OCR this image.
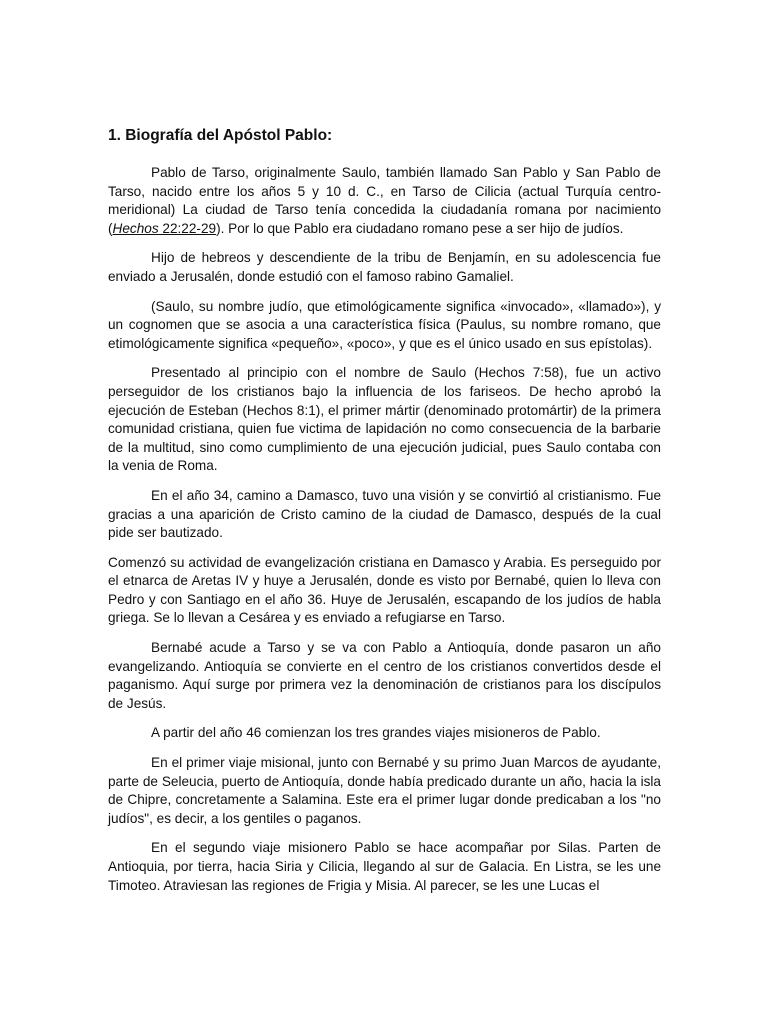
1. Biografía del Apóstol Pablo:

Pablo de Tarso, originalmente Saulo, también llamado San Pablo y San Pablo de Tarso, nacido entre los años 5 y 10 d. C., en Tarso de Cilicia (actual Turquía centro-meridional) La ciudad de Tarso tenía concedida la ciudadanía romana por nacimiento (Hechos 22:22-29). Por lo que Pablo era ciudadano romano pese a ser hijo de judíos.

Hijo de hebreos y descendiente de la tribu de Benjamín, en su adolescencia fue enviado a Jerusalén, donde estudió con el famoso rabino Gamaliel.

(Saulo, su nombre judío, que etimológicamente significa «invocado», «llamado»), y un cognomen que se asocia a una característica física (Paulus, su nombre romano, que etimológicamente significa «pequeño», «poco», y que es el único usado en sus epístolas).

Presentado al principio con el nombre de Saulo (Hechos 7:58), fue un activo perseguidor de los cristianos bajo la influencia de los fariseos. De hecho aprobó la ejecución de Esteban (Hechos 8:1), el primer mártir (denominado protomártir) de la primera comunidad cristiana, quien fue victima de lapidación no como consecuencia de la barbarie de la multitud, sino como cumplimiento de una ejecución judicial, pues Saulo contaba con la venia de Roma.

En el año 34, camino a Damasco, tuvo una visión y se convirtió al cristianismo. Fue gracias a una aparición de Cristo camino de la ciudad de Damasco, después de la cual pide ser bautizado.

Comenzó su actividad de evangelización cristiana en Damasco y Arabia. Es perseguido por el etnarca de Aretas IV y huye a Jerusalén, donde es visto por Bernabé, quien lo lleva con Pedro y con Santiago en el año 36. Huye de Jerusalén, escapando de los judíos de habla griega. Se lo llevan a Cesárea y es enviado a refugiarse en Tarso.

Bernabé acude a Tarso y se va con Pablo a Antioquía, donde pasaron un año evangelizando. Antioquía se convierte en el centro de los cristianos convertidos desde el paganismo. Aquí surge por primera vez la denominación de cristianos para los discípulos de Jesús.

A partir del año 46 comienzan los tres grandes viajes misioneros de Pablo.

En el primer viaje misional, junto con Bernabé y su primo Juan Marcos de ayudante, parte de Seleucia, puerto de Antioquía, donde había predicado durante un año, hacia la isla de Chipre, concretamente a Salamina. Este era el primer lugar donde predicaban a los "no judíos", es decir, a los gentiles o paganos.

En el segundo viaje misionero Pablo se hace acompañar por Silas. Parten de Antioquia, por tierra, hacia Siria y Cilicia, llegando al sur de Galacia. En Listra, se les une Timoteo. Atraviesan las regiones de Frigia y Misia. Al parecer, se les une Lucas el
